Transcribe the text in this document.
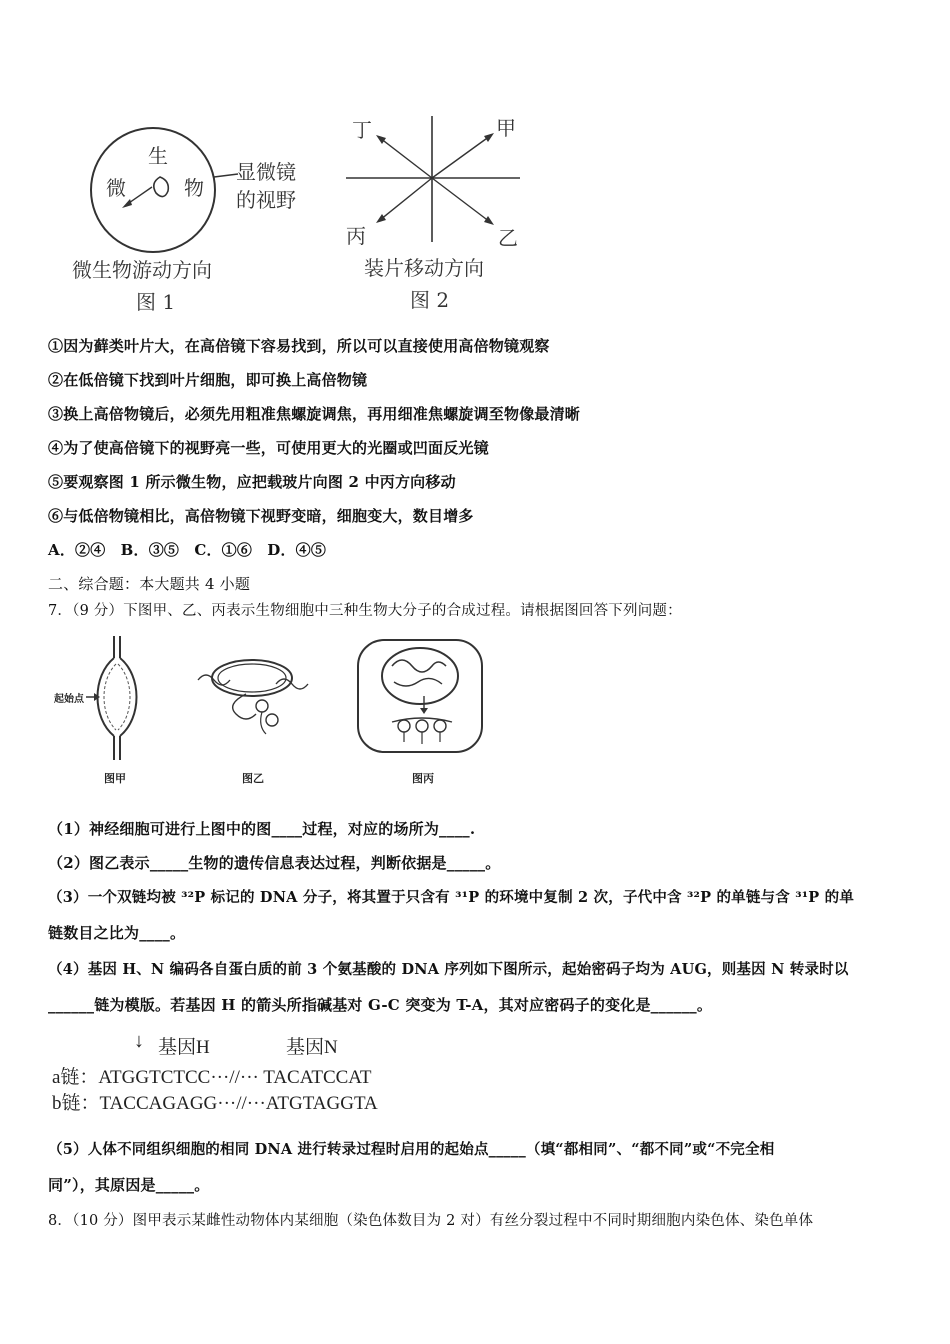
生
微	物
显微镜
的视野
微生物游动方向
图 1
丁	甲
丙	乙
装片移动方向
图 2
①因为藓类叶片大，在高倍镜下容易找到，所以可以直接使用高倍物镜观察
②在低倍镜下找到叶片细胞，即可换上高倍物镜
③换上高倍物镜后，必须先用粗准焦螺旋调焦，再用细准焦螺旋调至物像最清晰
④为了使高倍镜下的视野亮一些，可使用更大的光圈或凹面反光镜
⑤要观察图 1 所示微生物，应把载玻片向图 2 中丙方向移动
⑥与低倍物镜相比，高倍物镜下视野变暗，细胞变大，数目增多
A．②④　B．③⑤　C．①⑥　D．④⑤
二、综合题：本大题共 4 小题
7．（9 分）下图甲、乙、丙表示生物细胞中三种生物大分子的合成过程。请根据图回答下列问题：
起始点
图甲	图乙	图丙
（1）神经细胞可进行上图中的图____过程，对应的场所为____.
（2）图乙表示_____生物的遗传信息表达过程，判断依据是_____。
（3）一个双链均被 ³²P 标记的 DNA 分子，将其置于只含有 ³¹P 的环境中复制 2 次，子代中含 ³²P 的单链与含 ³¹P 的单
链数目之比为____。
（4）基因 H、N 编码各自蛋白质的前 3 个氨基酸的 DNA 序列如下图所示，起始密码子均为 AUG，则基因 N 转录时以
______链为模版。若基因 H 的箭头所指碱基对 G-C 突变为 T-A，其对应密码子的变化是______。
↓ 基因H	基因N
a链：ATGGTCTCC···//··· TACATCCAT
b链：TACCAGAGG···//···ATGTAGGTA
（5）人体不同组织细胞的相同 DNA 进行转录过程时启用的起始点_____（填“都相同”、“都不同”或“不完全相
同”），其原因是_____。
8．（10 分）图甲表示某雌性动物体内某细胞（染色体数目为 2 对）有丝分裂过程中不同时期细胞内染色体、染色单体
